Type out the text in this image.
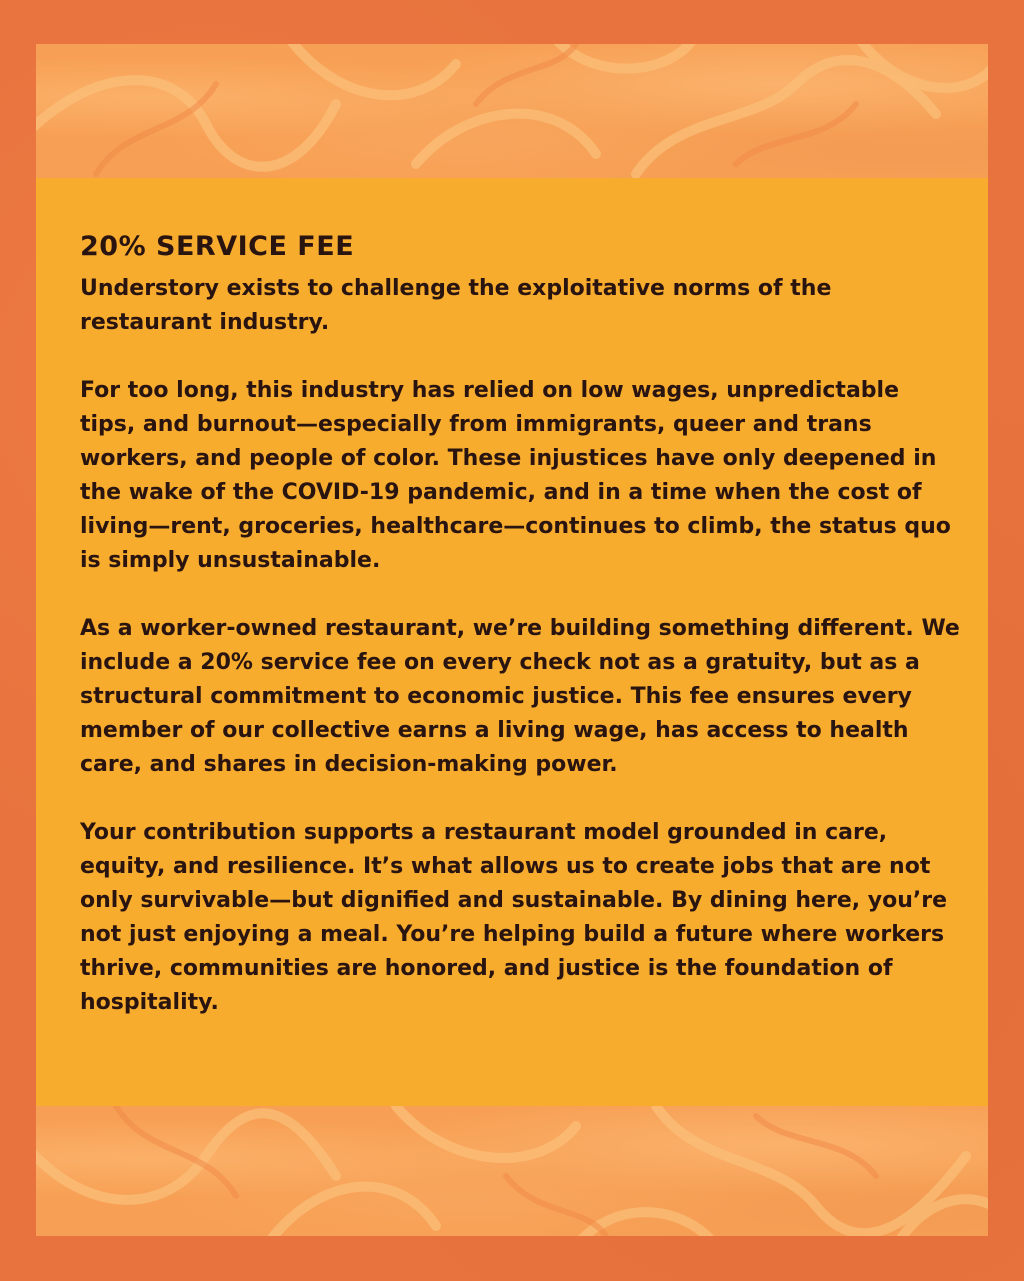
20% SERVICE FEE

Understory exists to challenge the exploitative norms of the restaurant industry.

For too long, this industry has relied on low wages, unpredictable tips, and burnout—especially from immigrants, queer and trans workers, and people of color. These injustices have only deepened in the wake of the COVID-19 pandemic, and in a time when the cost of living—rent, groceries, healthcare—continues to climb, the status quo is simply unsustainable.

As a worker-owned restaurant, we’re building something different. We include a 20% service fee on every check not as a gratuity, but as a structural commitment to economic justice. This fee ensures every member of our collective earns a living wage, has access to health care, and shares in decision-making power.

Your contribution supports a restaurant model grounded in care, equity, and resilience. It’s what allows us to create jobs that are not only survivable—but dignified and sustainable. By dining here, you’re not just enjoying a meal. You’re helping build a future where workers thrive, communities are honored, and justice is the foundation of hospitality.
